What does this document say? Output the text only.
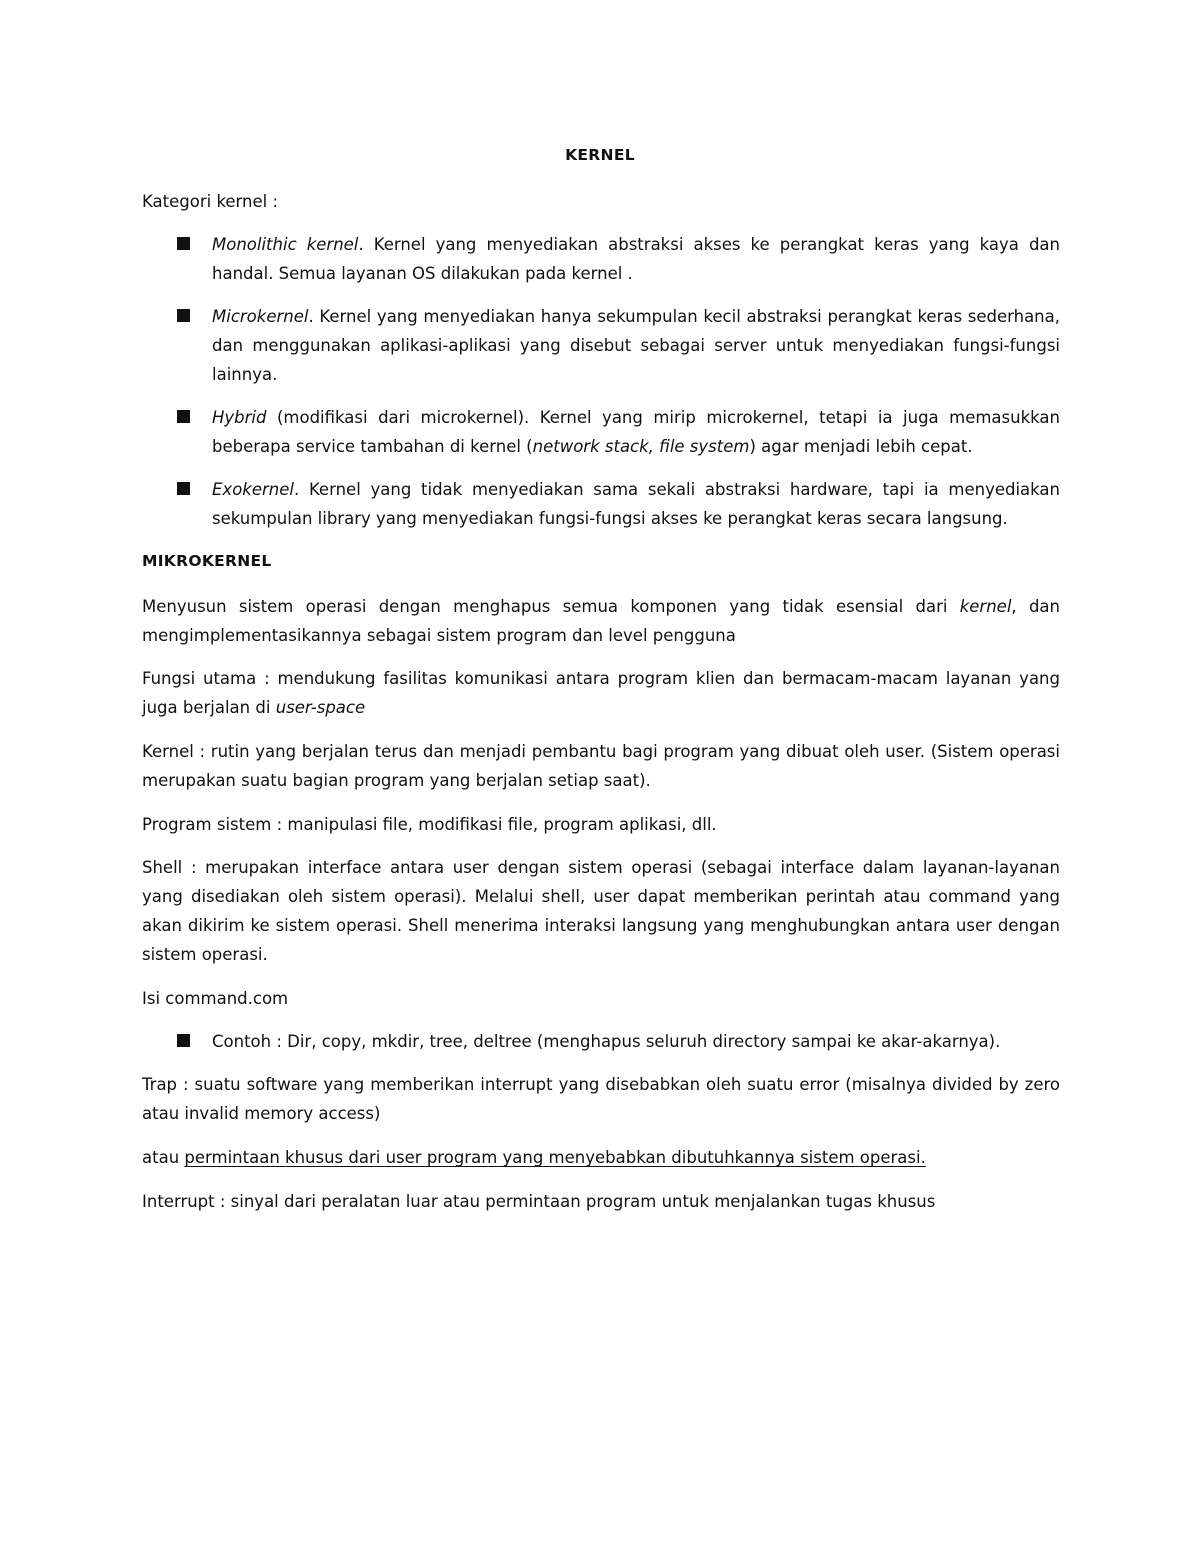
KERNEL

Kategori kernel :

Monolithic kernel. Kernel yang menyediakan abstraksi akses ke perangkat keras yang kaya dan handal. Semua layanan OS dilakukan pada kernel .
Microkernel. Kernel yang menyediakan hanya sekumpulan kecil abstraksi perangkat keras sederhana, dan menggunakan aplikasi-aplikasi yang disebut sebagai server untuk menyediakan fungsi-fungsi lainnya.
Hybrid (modifikasi dari microkernel). Kernel yang mirip microkernel, tetapi ia juga memasukkan beberapa service tambahan di kernel (network stack, file system) agar menjadi lebih cepat.
Exokernel. Kernel yang tidak menyediakan sama sekali abstraksi hardware, tapi ia menyediakan sekumpulan library yang menyediakan fungsi-fungsi akses ke perangkat keras secara langsung.
MIKROKERNEL

Menyusun sistem operasi dengan menghapus semua komponen yang tidak esensial dari kernel, dan mengimplementasikannya sebagai sistem program dan level pengguna

Fungsi utama : mendukung fasilitas komunikasi antara program klien dan bermacam-macam layanan yang juga berjalan di user-space

Kernel : rutin yang berjalan terus dan menjadi pembantu bagi program yang dibuat oleh user. (Sistem operasi merupakan suatu bagian program yang berjalan setiap saat).

Program sistem : manipulasi file, modifikasi file, program aplikasi, dll.

Shell : merupakan interface antara user dengan sistem operasi (sebagai interface dalam layanan-layanan yang disediakan oleh sistem operasi). Melalui shell, user dapat memberikan perintah atau command yang akan dikirim ke sistem operasi. Shell menerima interaksi langsung yang menghubungkan antara user dengan sistem operasi.

Isi command.com

Contoh : Dir, copy, mkdir, tree, deltree (menghapus seluruh directory sampai ke akar-akarnya).

Trap : suatu software yang memberikan interrupt yang disebabkan oleh suatu error (misalnya divided by zero atau invalid memory access)

atau permintaan khusus dari user program yang menyebabkan dibutuhkannya sistem operasi.

Interrupt : sinyal dari peralatan luar atau permintaan program untuk menjalankan tugas khusus
